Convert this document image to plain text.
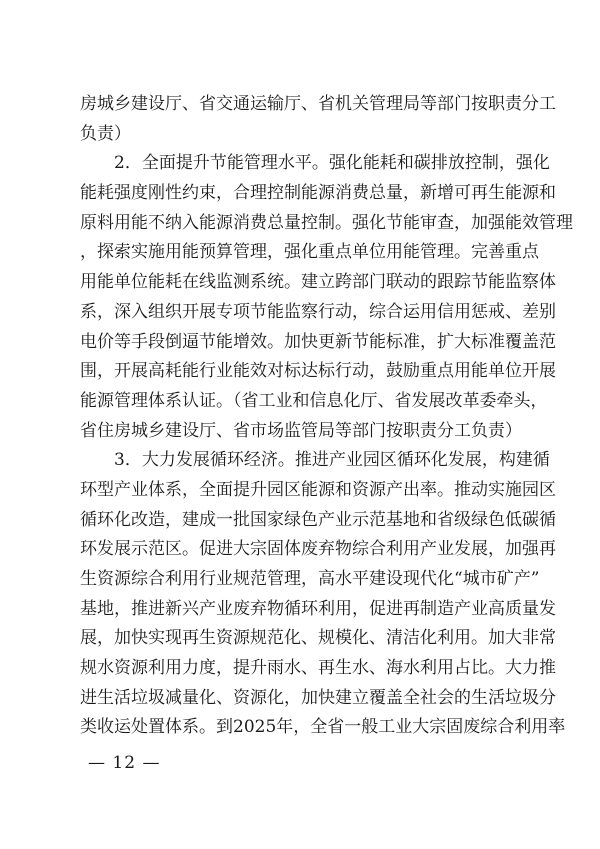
房城乡建设厅、省交通运输厅、省机关管理局等部门按职责分工
负责）
2．全面提升节能管理水平。强化能耗和碳排放控制，强化
能耗强度刚性约束，合理控制能源消费总量，新增可再生能源和
原料用能不纳入能源消费总量控制。强化节能审查，加强能效管理
，探索实施用能预算管理，强化重点单位用能管理。完善重点
用能单位能耗在线监测系统。建立跨部门联动的跟踪节能监察体
系，深入组织开展专项节能监察行动，综合运用信用惩戒、差别
电价等手段倒逼节能增效。加快更新节能标准，扩大标准覆盖范
围，开展高耗能行业能效对标达标行动，鼓励重点用能单位开展
能源管理体系认证。（省工业和信息化厅、省发展改革委牵头，
省住房城乡建设厅、省市场监管局等部门按职责分工负责）
3．大力发展循环经济。推进产业园区循环化发展，构建循
环型产业体系，全面提升园区能源和资源产出率。推动实施园区
循环化改造，建成一批国家绿色产业示范基地和省级绿色低碳循
环发展示范区。促进大宗固体废弃物综合利用产业发展，加强再
生资源综合利用行业规范管理，高水平建设现代化“城市矿产”
基地，推进新兴产业废弃物循环利用，促进再制造产业高质量发
展，加快实现再生资源规范化、规模化、清洁化利用。加大非常
规水资源利用力度，提升雨水、再生水、海水利用占比。大力推
进生活垃圾减量化、资源化，加快建立覆盖全社会的生活垃圾分
类收运处置体系。到2025年，全省一般工业大宗固废综合利用率
— 12 —
